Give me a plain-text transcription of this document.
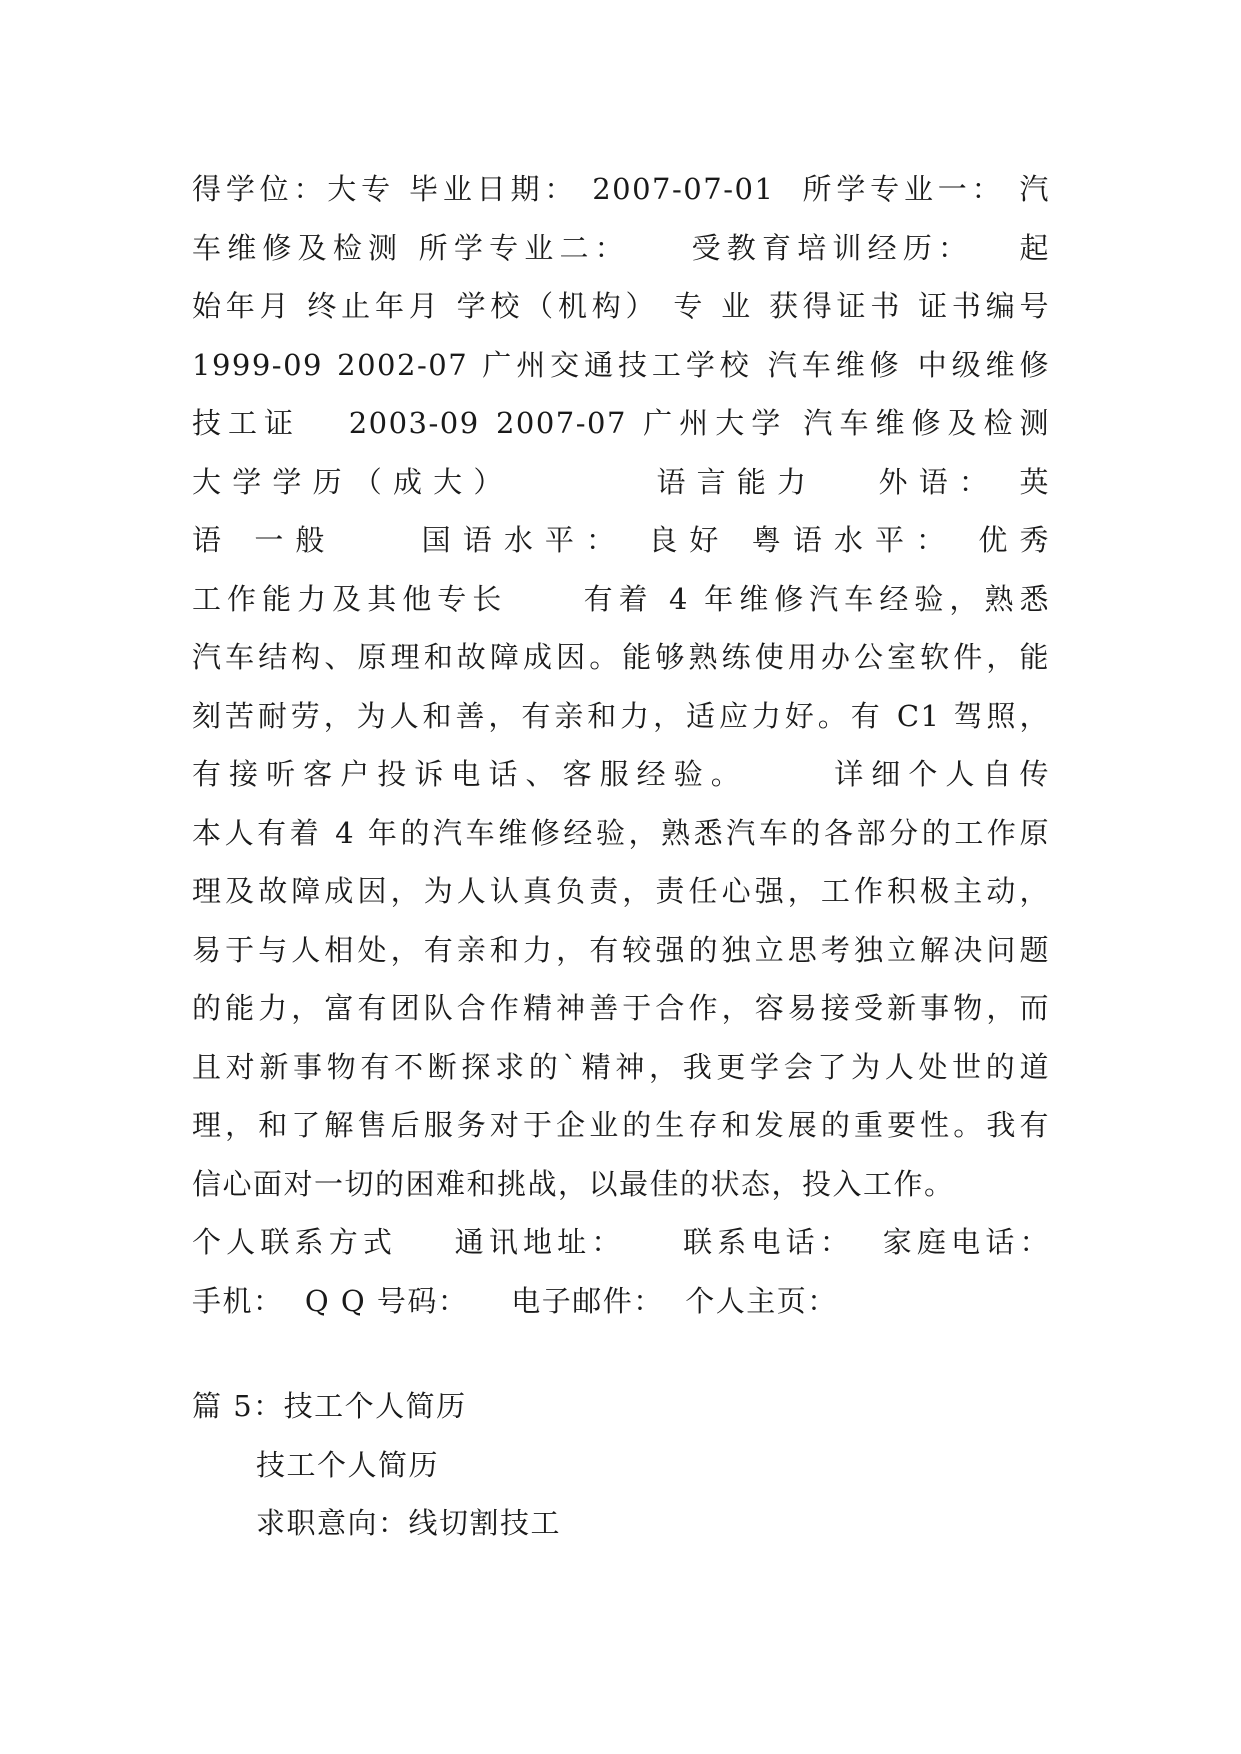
得学位：大专 毕业日期： 2007-07-01  所学专业一： 汽
车维修及检测 所学专业二：    受教育培训经历：   起
始年月 终止年月 学校（机构） 专 业 获得证书 证书编号
1999-09 2002-07 广州交通技工学校 汽车维修 中级维修
技工证   2003-09 2007-07 广州大学 汽车维修及检测
大学学历（成大）       语言能力   外语： 英
语 一般    国语水平： 良好 粤语水平： 优秀
工作能力及其他专长     有着 4 年维修汽车经验，熟悉
汽车结构、原理和故障成因。能够熟练使用办公室软件，能
刻苦耐劳，为人和善，有亲和力，适应力好。有 C1 驾照，
有接听客户投诉电话、客服经验。     详细个人自传
本人有着 4 年的汽车维修经验，熟悉汽车的各部分的工作原
理及故障成因，为人认真负责，责任心强，工作积极主动，
易于与人相处，有亲和力，有较强的独立思考独立解决问题
的能力，富有团队合作精神善于合作，容易接受新事物，而
且对新事物有不断探求的`精神，我更学会了为人处世的道
理，和了解售后服务对于企业的生存和发展的重要性。我有
信心面对一切的困难和挑战，以最佳的状态，投入工作。
个人联系方式    通讯地址：    联系电话：  家庭电话：
手机：  Q Q 号码：    电子邮件：  个人主页：
篇 5：技工个人简历
技工个人简历
求职意向：线切割技工
